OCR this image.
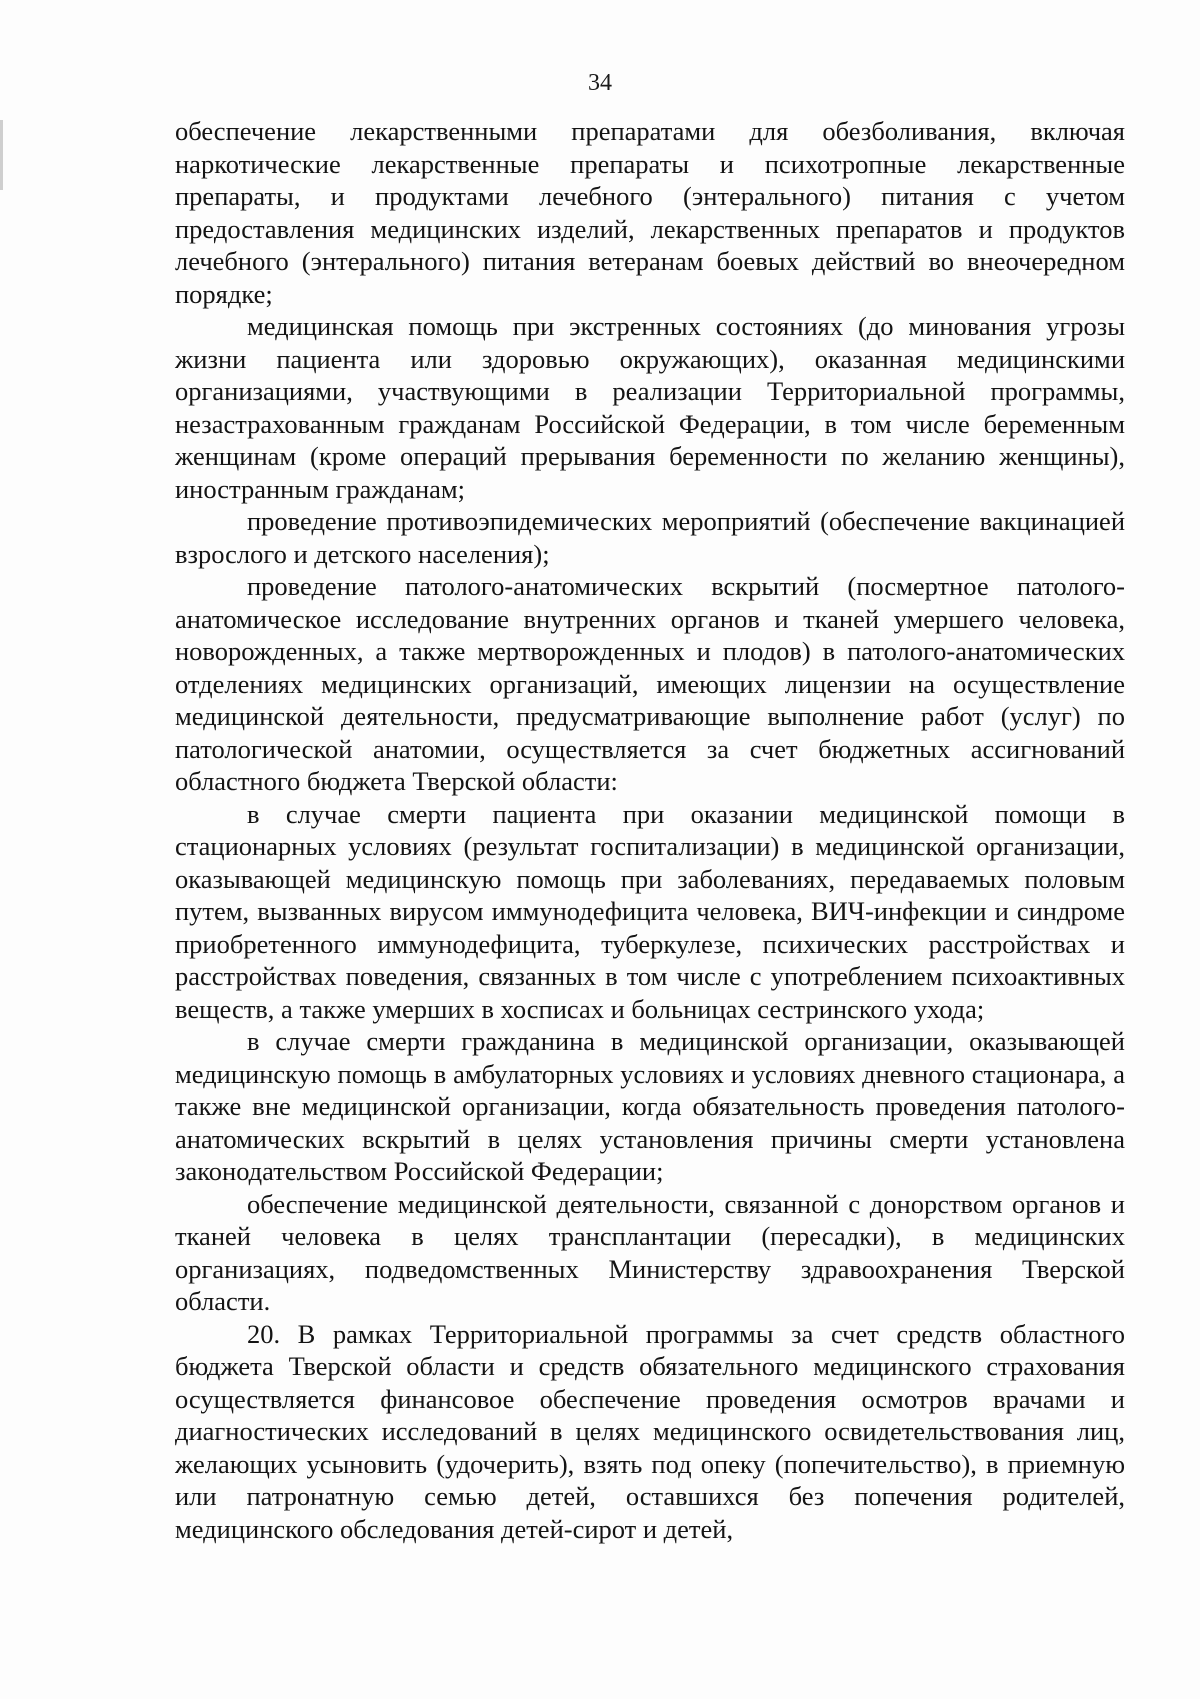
34

обеспечение лекарственными препаратами для обезболивания, включая наркотические лекарственные препараты и психотропные лекарственные препараты, и продуктами лечебного (энтерального) питания с учетом предоставления медицинских изделий, лекарственных препаратов и продуктов лечебного (энтерального) питания ветеранам боевых действий во внеочередном порядке;

медицинская помощь при экстренных состояниях (до минования угрозы жизни пациента или здоровью окружающих), оказанная медицинскими организациями, участвующими в реализации Территориальной программы, незастрахованным гражданам Российской Федерации, в том числе беременным женщинам (кроме операций прерывания беременности по желанию женщины), иностранным гражданам;

проведение противоэпидемических мероприятий (обеспечение вакцинацией взрослого и детского населения);

проведение патолого-анатомических вскрытий (посмертное патолого-анатомическое исследование внутренних органов и тканей умершего человека, новорожденных, а также мертворожденных и плодов) в патолого-анатомических отделениях медицинских организаций, имеющих лицензии на осуществление медицинской деятельности, предусматривающие выполнение работ (услуг) по патологической анатомии, осуществляется за счет бюджетных ассигнований областного бюджета Тверской области:

в случае смерти пациента при оказании медицинской помощи в стационарных условиях (результат госпитализации) в медицинской организации, оказывающей медицинскую помощь при заболеваниях, передаваемых половым путем, вызванных вирусом иммунодефицита человека, ВИЧ-инфекции и синдроме приобретенного иммунодефицита, туберкулезе, психических расстройствах и расстройствах поведения, связанных в том числе с употреблением психоактивных веществ, а также умерших в хосписах и больницах сестринского ухода;

в случае смерти гражданина в медицинской организации, оказывающей медицинскую помощь в амбулаторных условиях и условиях дневного стационара, а также вне медицинской организации, когда обязательность проведения патолого-анатомических вскрытий в целях установления причины смерти установлена законодательством Российской Федерации;

обеспечение медицинской деятельности, связанной с донорством органов и тканей человека в целях трансплантации (пересадки), в медицинских организациях, подведомственных Министерству здравоохранения Тверской области.

20. В рамках Территориальной программы за счет средств областного бюджета Тверской области и средств обязательного медицинского страхования осуществляется финансовое обеспечение проведения осмотров врачами и диагностических исследований в целях медицинского освидетельствования лиц, желающих усыновить (удочерить), взять под опеку (попечительство), в приемную или патронатную семью детей, оставшихся без попечения родителей, медицинского обследования детей-сирот и детей,
